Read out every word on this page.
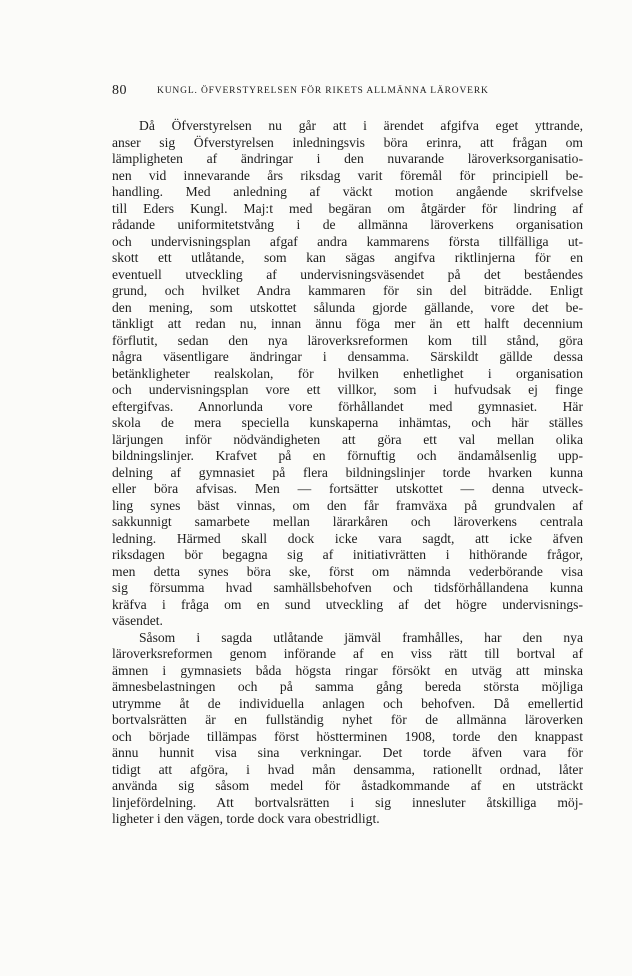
80	KUNGL. ÖFVERSTYRELSEN FÖR RIKETS ALLMÄNNA LÄROVERK
Då Öfverstyrelsen nu går att i ärendet afgifva eget yttrande,
anser sig Öfverstyrelsen inledningsvis böra erinra, att frågan om
lämpligheten af ändringar i den nuvarande läroverksorganisatio-
nen vid innevarande års riksdag varit föremål för principiell be-
handling. Med anledning af väckt motion angående skrifvelse
till Eders Kungl. Maj:t med begäran om åtgärder för lindring af
rådande uniformitetstvång i de allmänna läroverkens organisation
och undervisningsplan afgaf andra kammarens första tillfälliga ut-
skott ett utlåtande, som kan sägas angifva riktlinjerna för en
eventuell utveckling af undervisningsväsendet på det beståendes
grund, och hvilket Andra kammaren för sin del biträdde. Enligt
den mening, som utskottet sålunda gjorde gällande, vore det be-
tänkligt att redan nu, innan ännu föga mer än ett halft decennium
förflutit, sedan den nya läroverksreformen kom till stånd, göra
några väsentligare ändringar i densamma. Särskildt gällde dessa
betänkligheter realskolan, för hvilken enhetlighet i organisation
och undervisningsplan vore ett villkor, som i hufvudsak ej finge
eftergifvas. Annorlunda vore förhållandet med gymnasiet. Här
skola de mera speciella kunskaperna inhämtas, och här ställes
lärjungen inför nödvändigheten att göra ett val mellan olika
bildningslinjer. Krafvet på en förnuftig och ändamålsenlig upp-
delning af gymnasiet på flera bildningslinjer torde hvarken kunna
eller böra afvisas. Men — fortsätter utskottet — denna utveck-
ling synes bäst vinnas, om den får framväxa på grundvalen af
sakkunnigt samarbete mellan lärarkåren och läroverkens centrala
ledning. Härmed skall dock icke vara sagdt, att icke äfven
riksdagen bör begagna sig af initiativrätten i hithörande frågor,
men detta synes böra ske, först om nämnda vederbörande visa
sig försumma hvad samhällsbehofven och tidsförhållandena kunna
kräfva i fråga om en sund utveckling af det högre undervisnings-
väsendet.
Såsom i sagda utlåtande jämväl framhålles, har den nya
läroverksreformen genom införande af en viss rätt till bortval af
ämnen i gymnasiets båda högsta ringar försökt en utväg att minska
ämnesbelastningen och på samma gång bereda största möjliga
utrymme åt de individuella anlagen och behofven. Då emellertid
bortvalsrätten är en fullständig nyhet för de allmänna läroverken
och började tillämpas först höstterminen 1908, torde den knappast
ännu hunnit visa sina verkningar. Det torde äfven vara för
tidigt att afgöra, i hvad mån densamma, rationellt ordnad, låter
använda sig såsom medel för åstadkommande af en utsträckt
linjefördelning. Att bortvalsrätten i sig innesluter åtskilliga möj-
ligheter i den vägen, torde dock vara obestridligt.
